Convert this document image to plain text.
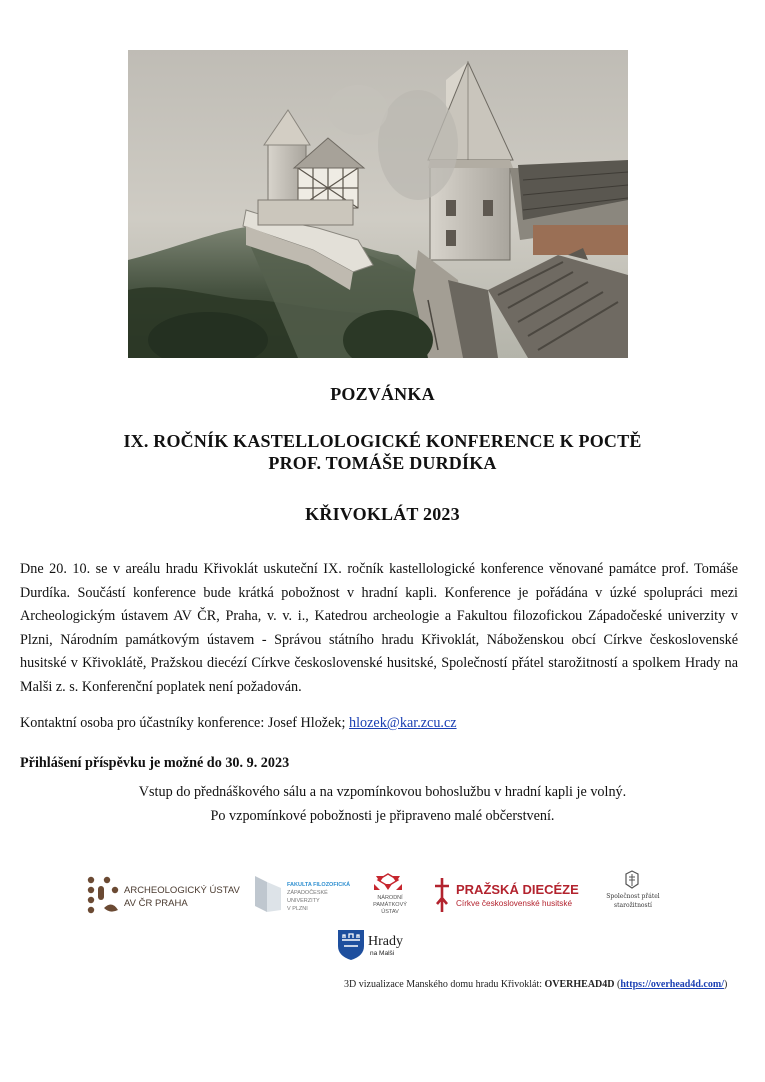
POZVÁNKA
IX. ROČNÍK KASTELLOLOGICKÉ KONFERENCE K POCTĚ
PROF. TOMÁŠE DURDÍKA
KŘIVOKLÁT 2023

Dne 20. 10. se v areálu hradu Křivoklát uskuteční IX. ročník kastellologické konference věnované památce prof. Tomáše Durdíka. Součástí konference bude krátká pobožnost v hradní kapli. Konference je pořádána v úzké spolupráci mezi Archeologickým ústavem AV ČR, Praha, v. v. i., Katedrou archeologie a Fakultou filozofickou Západočeské univerzity v Plzni, Národním památkovým ústavem - Správou státního hradu Křivoklát, Náboženskou obcí Církve československé husitské v Křivoklátě, Pražskou diecézí Církve československé husitské, Společností přátel starožitností a spolkem Hrady na Malši z. s. Konferenční poplatek není požadován.

Kontaktní osoba pro účastníky konference: Josef Hložek; hlozek@kar.zcu.cz

Přihlášení příspěvku je možné do 30. 9. 2023

Vstup do přednáškového sálu a na vzpomínkovou bohoslužbu v hradní kapli je volný.
Po vzpomínkové pobožnosti je připraveno malé občerstvení.
ARCHEOLOGICKÝ ÚSTAV
AV ČR PRAHA
FAKULTA FILOZOFICKÁ
ZÁPADOČESKÉ
UNIVERZITY
V PLZNI
NÁRODNÍ
PAMÁTKOVÝ
ÚSTAV
PRAŽSKÁ DIECÉZE
Církve československé husitské
Společnost přátel
starožitností
Hrady
na Malši
3D vizualizace Manského domu hradu Křivoklát: OVERHEAD4D (https://overhead4d.com/)
